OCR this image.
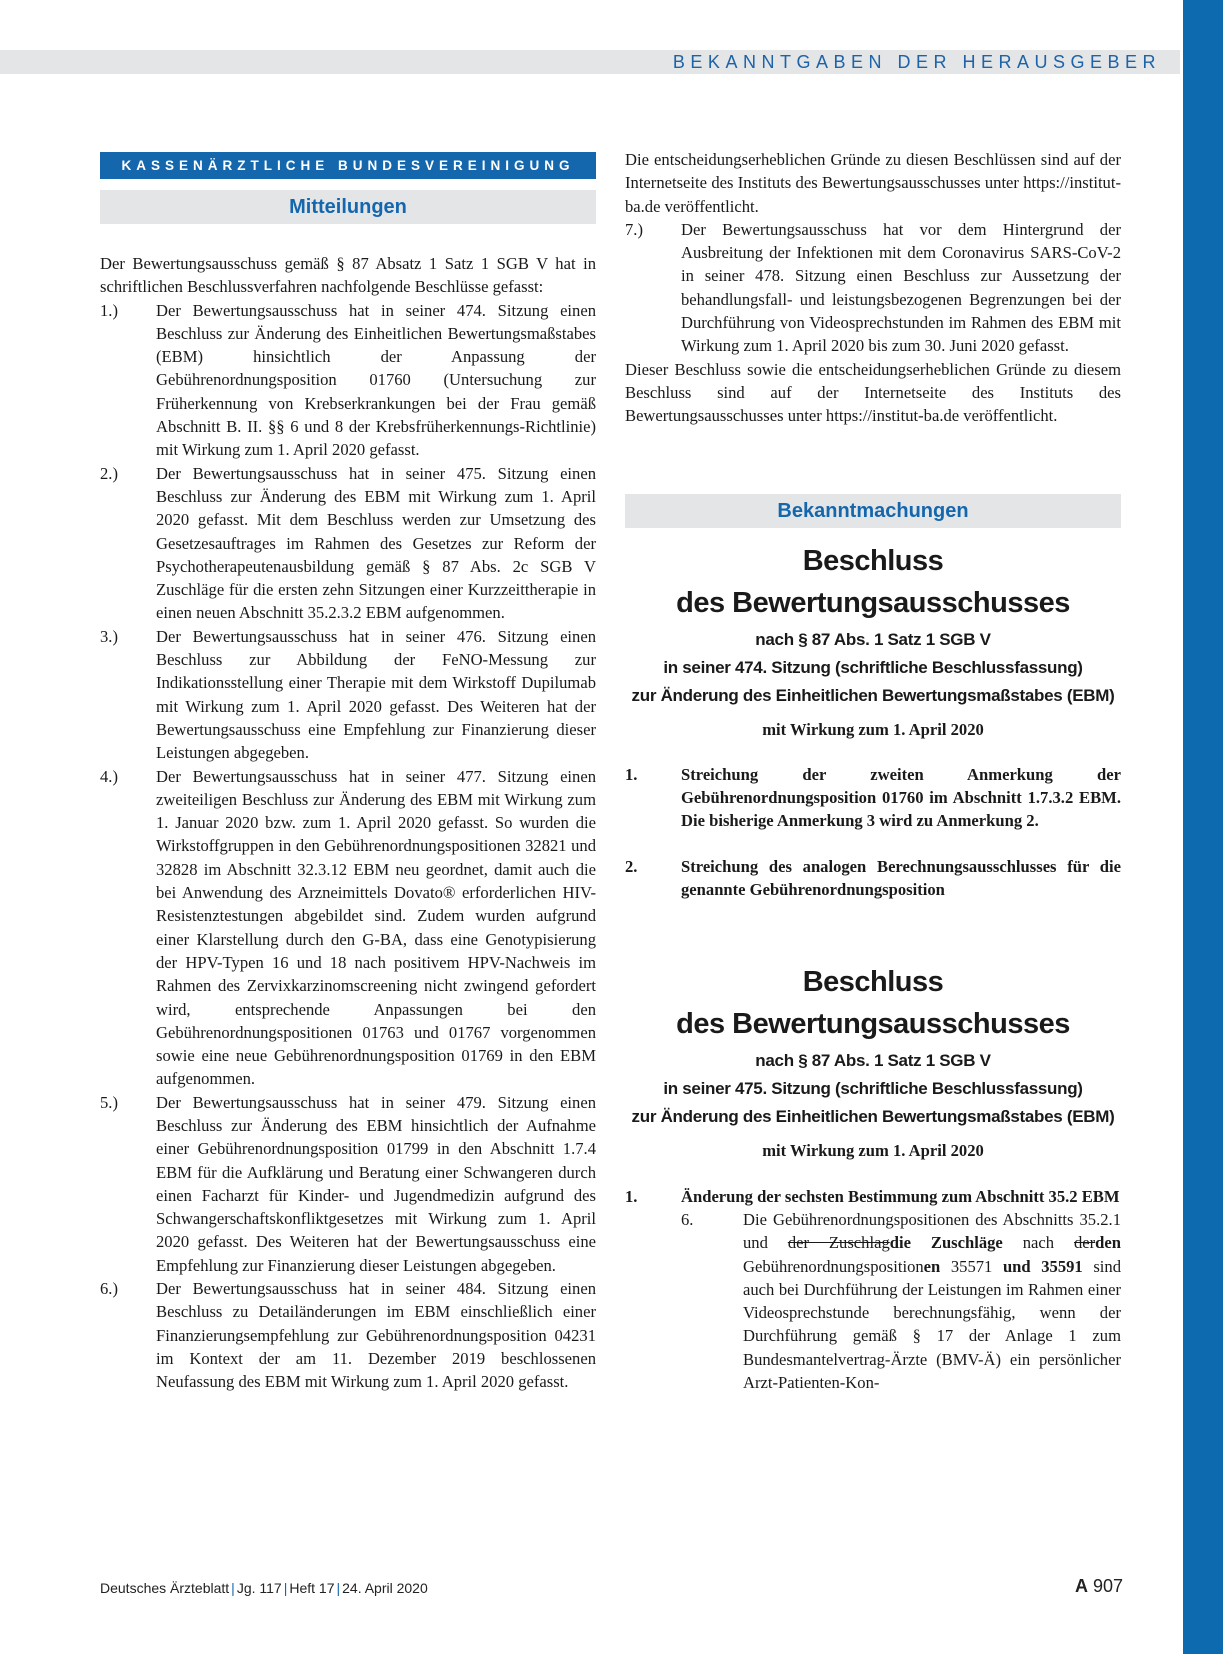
BEKANNTGABEN DER HERAUSGEBER
KASSENÄRZTLICHE BUNDESVEREINIGUNG
Mitteilungen

Der Bewertungsausschuss gemäß § 87 Absatz 1 Satz 1 SGB V hat in schriftlichen Beschlussverfahren nachfolgende Beschlüsse gefasst:

1.)	Der Bewertungsausschuss hat in seiner 474. Sitzung einen Beschluss zur Änderung des Einheitlichen Bewertungsmaßstabes (EBM) hinsichtlich der Anpassung der Gebührenordnungsposition 01760 (Untersuchung zur Früherkennung von Krebserkrankungen bei der Frau gemäß Abschnitt B. II. §§ 6 und 8 der Krebsfrüherkennungs-Richtlinie) mit Wirkung zum 1. April 2020 gefasst.
2.)	Der Bewertungsausschuss hat in seiner 475. Sitzung einen Beschluss zur Änderung des EBM mit Wirkung zum 1. April 2020 gefasst. Mit dem Beschluss werden zur Umsetzung des Gesetzesauftrages im Rahmen des Gesetzes zur Reform der Psychotherapeutenausbildung gemäß § 87 Abs. 2c SGB V Zuschläge für die ersten zehn Sitzungen einer Kurzzeittherapie in einen neuen Abschnitt 35.2.3.2 EBM aufgenommen.
3.)	Der Bewertungsausschuss hat in seiner 476. Sitzung einen Beschluss zur Abbildung der FeNO-Messung zur Indikationsstellung einer Therapie mit dem Wirkstoff Dupilumab mit Wirkung zum 1. April 2020 gefasst. Des Weiteren hat der Bewertungsausschuss eine Empfehlung zur Finanzierung dieser Leistungen abgegeben.
4.)	Der Bewertungsausschuss hat in seiner 477. Sitzung einen zweiteiligen Beschluss zur Änderung des EBM mit Wirkung zum 1. Januar 2020 bzw. zum 1. April 2020 gefasst. So wurden die Wirkstoffgruppen in den Gebührenordnungspositionen 32821 und 32828 im Abschnitt 32.3.12 EBM neu geordnet, damit auch die bei Anwendung des Arzneimittels Dovato® erforderlichen HIV-Resistenztestungen abgebildet sind. Zudem wurden aufgrund einer Klarstellung durch den G-BA, dass eine Genotypisierung der HPV-Typen 16 und 18 nach positivem HPV-Nachweis im Rahmen des Zervixkarzinomscreening nicht zwingend gefordert wird, entsprechende Anpassungen bei den Gebührenordnungspositionen 01763 und 01767 vorgenommen sowie eine neue Gebührenordnungsposition 01769 in den EBM aufgenommen.
5.)	Der Bewertungsausschuss hat in seiner 479. Sitzung einen Beschluss zur Änderung des EBM hinsichtlich der Aufnahme einer Gebührenordnungsposition 01799 in den Abschnitt 1.7.4 EBM für die Aufklärung und Beratung einer Schwangeren durch einen Facharzt für Kinder- und Jugendmedizin aufgrund des Schwangerschaftskonfliktgesetzes mit Wirkung zum 1. April 2020 gefasst. Des Weiteren hat der Bewertungsausschuss eine Empfehlung zur Finanzierung dieser Leistungen abgegeben.
6.)	Der Bewertungsausschuss hat in seiner 484. Sitzung einen Beschluss zu Detailänderungen im EBM einschließlich einer Finanzierungsempfehlung zur Gebührenordnungsposition 04231 im Kontext der am 11. Dezember 2019 beschlossenen Neufassung des EBM mit Wirkung zum 1. April 2020 gefasst.

Die entscheidungserheblichen Gründe zu diesen Beschlüssen sind auf der Internetseite des Instituts des Bewertungsausschusses unter https://institut-ba.de veröffentlicht.

7.)	Der Bewertungsausschuss hat vor dem Hintergrund der Ausbreitung der Infektionen mit dem Coronavirus SARS-CoV-2 in seiner 478. Sitzung einen Beschluss zur Aussetzung der behandlungsfall- und leistungsbezogenen Begrenzungen bei der Durchführung von Videosprechstunden im Rahmen des EBM mit Wirkung zum 1. April 2020 bis zum 30. Juni 2020 gefasst.

Dieser Beschluss sowie die entscheidungserheblichen Gründe zu diesem Beschluss sind auf der Internetseite des Instituts des Bewertungsausschusses unter https://institut-ba.de veröffentlicht.

Bekanntmachungen
Beschluss
des Bewertungsausschusses
nach § 87 Abs. 1 Satz 1 SGB V
in seiner 474. Sitzung (schriftliche Beschlussfassung)
zur Änderung des Einheitlichen Bewertungsmaßstabes (EBM)
mit Wirkung zum 1. April 2020
1.	Streichung der zweiten Anmerkung der Gebührenordnungsposition 01760 im Abschnitt 1.7.3.2 EBM. Die bisherige Anmerkung 3 wird zu Anmerkung 2.
2.	Streichung des analogen Berechnungsausschlusses für die genannte Gebührenordnungsposition
Beschluss
des Bewertungsausschusses
nach § 87 Abs. 1 Satz 1 SGB V
in seiner 475. Sitzung (schriftliche Beschlussfassung)
zur Änderung des Einheitlichen Bewertungsmaßstabes (EBM)
mit Wirkung zum 1. April 2020
1.	Änderung der sechsten Bestimmung zum Abschnitt 35.2 EBM
6.	Die Gebührenordnungspositionen des Abschnitts 35.2.1 und der Zuschlagdie Zuschläge nach derden Gebührenordnungspositionen 35571 und 35591 sind auch bei Durchführung der Leistungen im Rahmen einer Videosprechstunde berechnungsfähig, wenn der Durchführung gemäß § 17 der Anlage 1 zum Bundesmantelvertrag-Ärzte (BMV-Ä) ein persönlicher Arzt-Patienten-Kon-
Deutsches Ärzteblatt | Jg. 117 | Heft 17 | 24. April 2020	A 907
